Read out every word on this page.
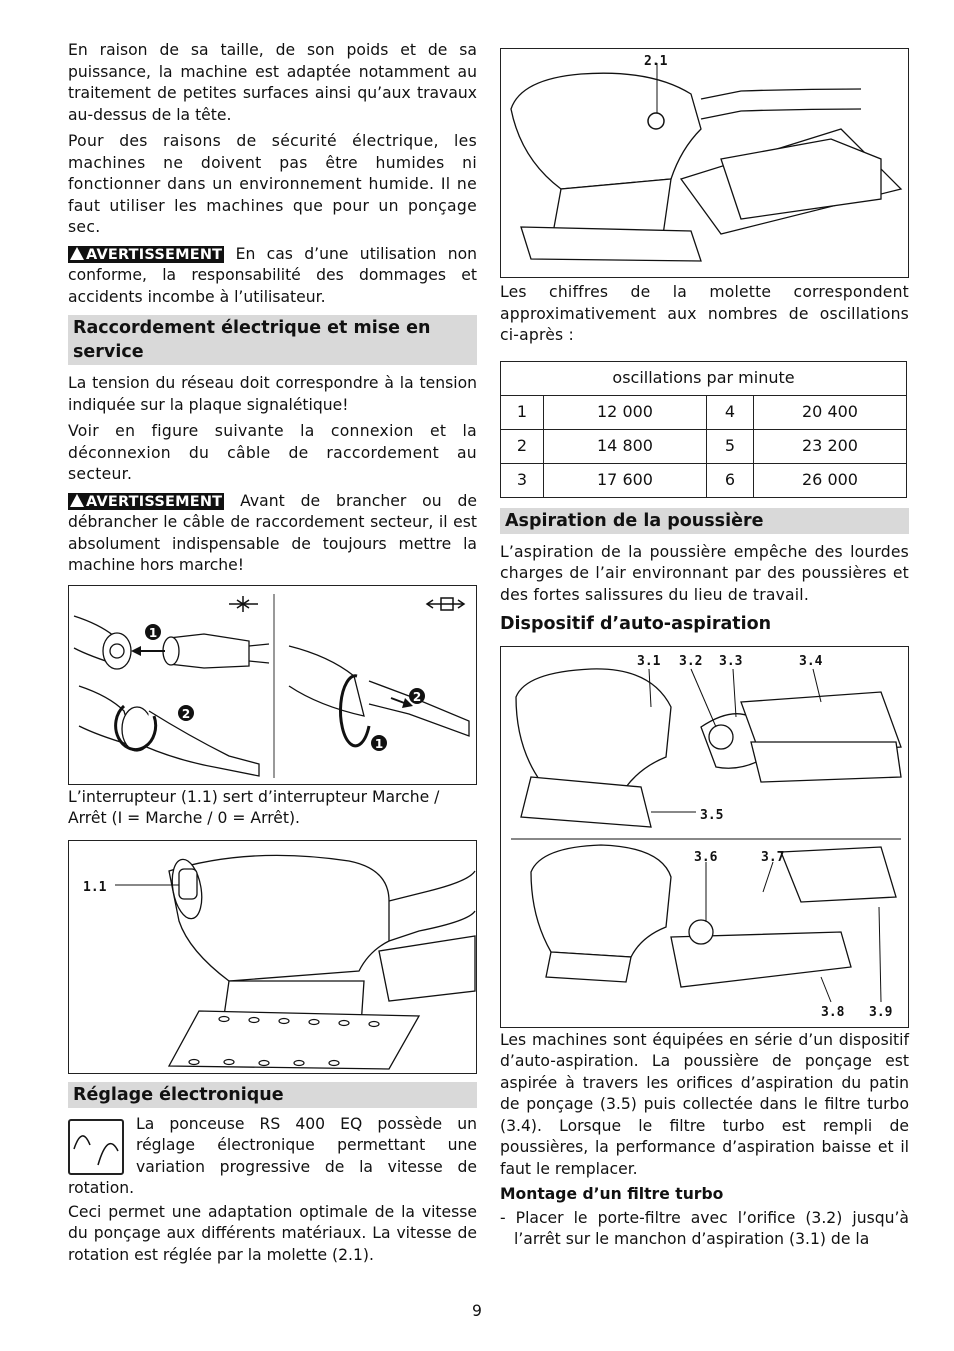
En raison de sa taille, de son poids et de sa puissance, la machine est adaptée notamment au traitement de petites surfaces ainsi qu’aux travaux au-dessus de la tête.

Pour des raisons de sécurité électrique, les machines ne doivent pas être humides ni fonctionner dans un environnement humide. Il ne faut utiliser les machines que pour un ponçage sec.

AVERTISSEMENT En cas d’une utilisation non conforme, la responsabilité des dommages et accidents incombe à l’utilisateur.

Raccordement électrique et mise en service

La tension du réseau doit correspondre à la tension indiquée sur la plaque signalétique!

Voir en figure suivante la connexion et la déconnexion du câble de raccordement au secteur.

AVERTISSEMENT Avant de brancher ou de débrancher le câble de raccordement secteur, il est absolument indispensable de toujours mettre la machine hors marche!

1
2
2
1

L’interrupteur (1.1) sert d’interrupteur Marche / Arrêt (I = Marche / 0 = Arrêt).

1.1
Réglage électronique

La ponceuse RS 400 EQ possède un réglage électronique permettant une variation progressive de la vitesse de rotation.

Ceci permet une adaptation optimale de la vitesse du ponçage aux différents matériaux. La vitesse de rotation est réglée par la molette (2.1).

2.1

Les chiffres de la molette correspondent approximativement aux nombres de oscillations ci-après :

oscillations par minute			
1	12 000	4	20 400
2	14 800	5	23 200
3	17 600	6	26 000
Aspiration de la poussière

L’aspiration de la poussière empêche des lourdes charges de l’air environnant par des poussières et des fortes salissures du lieu de travail.

Dispositif d’auto-aspiration
3.1 3.2 3.3	3.4
3.5
3.6	3.7
3.8 3.9

Les machines sont équipées en série d’un dispositif d’auto-aspiration. La poussière de ponçage est aspirée à travers les orifices d’aspiration du patin de ponçage (3.5) puis collectée dans le filtre turbo (3.4). Lorsque le filtre turbo est rempli de poussières, la performance d’aspiration baisse et il faut le remplacer.

Montage d’un filtre turbo

- Placer le porte-filtre avec l’orifice (3.2) jusqu’à l’arrêt sur le manchon d’aspiration (3.1) de la

9
